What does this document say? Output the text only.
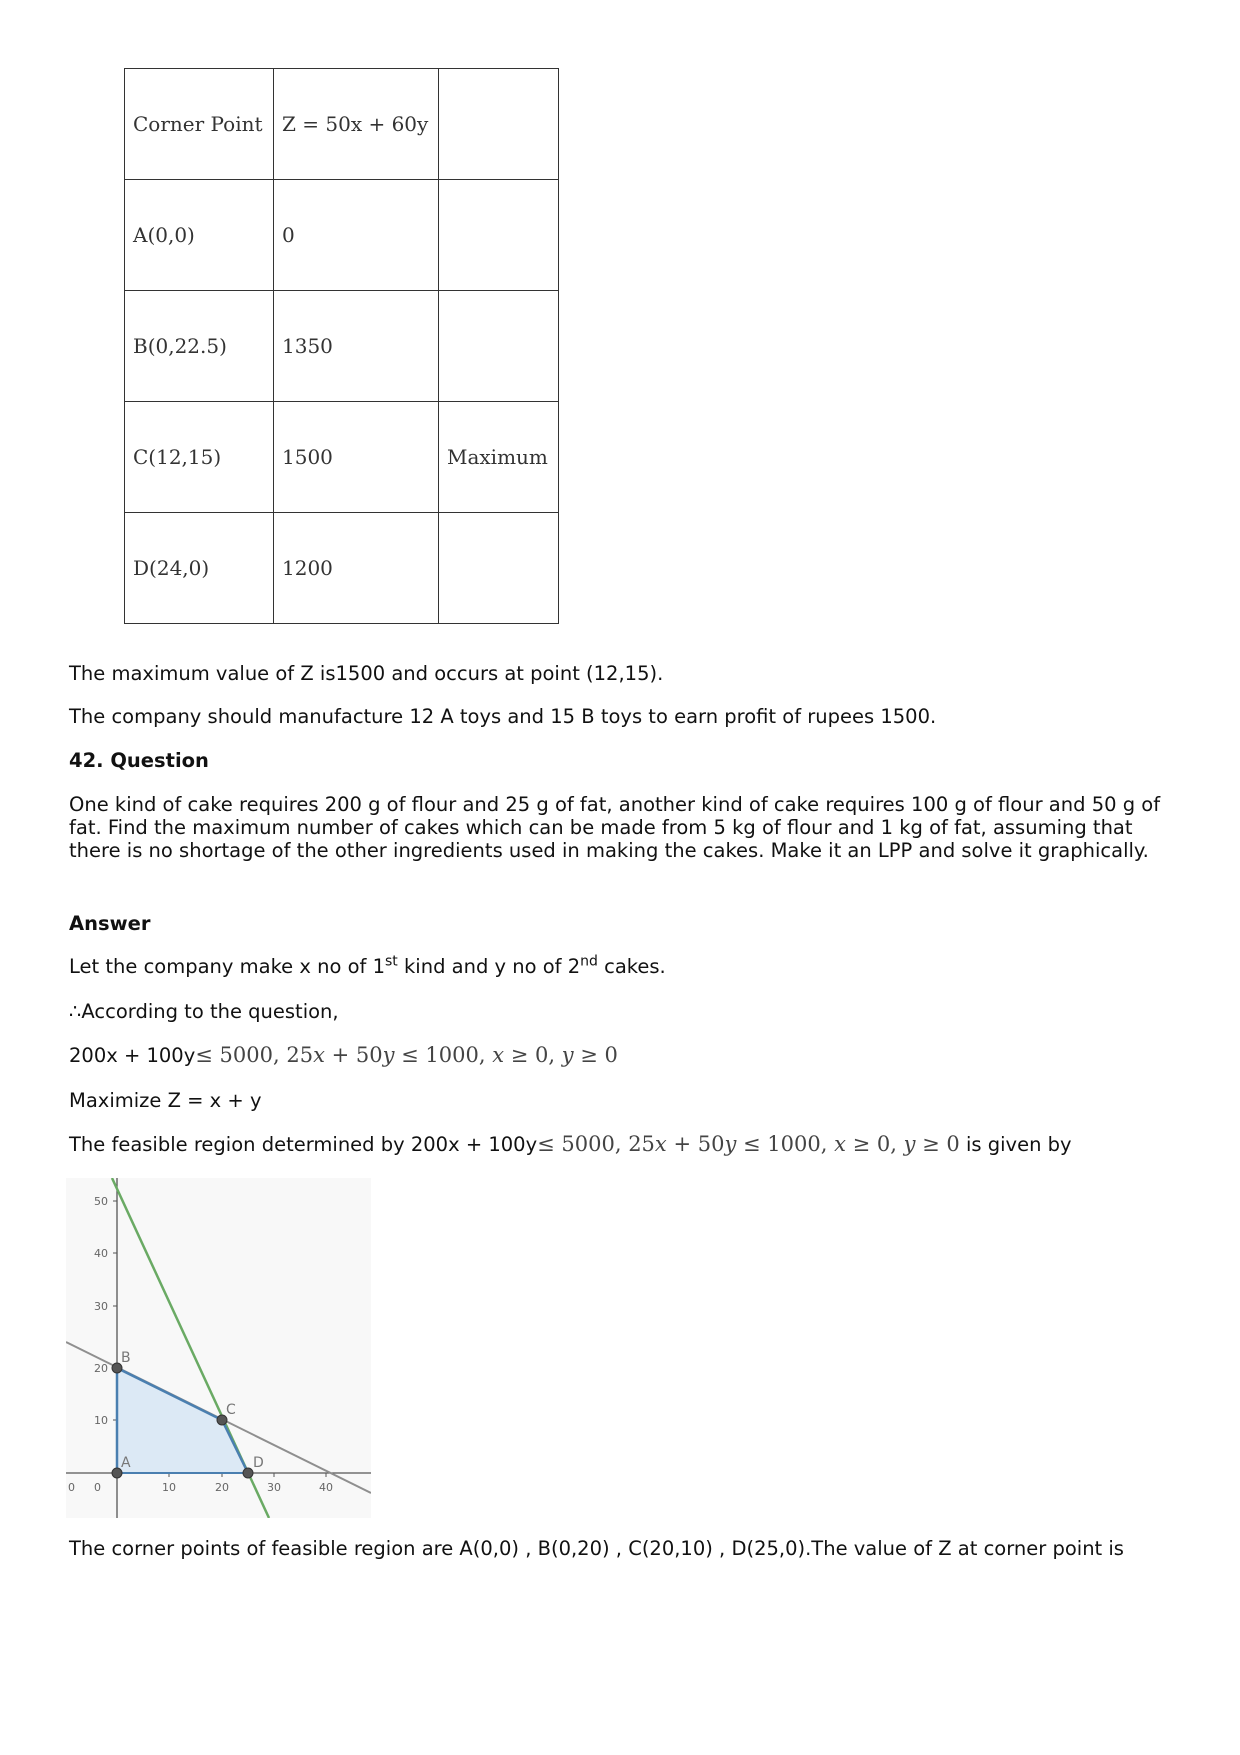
Corner Point	Z = 50x + 60y	
A(0,0)	0	
B(0,22.5)	1350	
C(12,15)	1500	Maximum
D(24,0)	1200	

The maximum value of Z is1500 and occurs at point (12,15).

The company should manufacture 12 A toys and 15 B toys to earn profit of rupees 1500.

42. Question

One kind of cake requires 200 g of flour and 25 g of fat, another kind of cake requires 100 g of flour and 50 g of fat. Find the maximum number of cakes which can be made from 5 kg of flour and 1 kg of fat, assuming that there is no shortage of the other ingredients used in making the cakes. Make it an LPP and solve it graphically.

Answer

Let the company make x no of 1st kind and y no of 2nd cakes.

∴According to the question,

200x + 100y≤ 5000, 25x + 50y ≤ 1000, x ≥ 0, y ≥ 0

Maximize Z = x + y

The feasible region determined by 200x + 100y≤ 5000, 25x + 50y ≤ 1000, x ≥ 0, y ≥ 0 is given by

50
40
30
20
10
0 0	10	20	30	40
A
B
C
D

The corner points of feasible region are A(0,0) , B(0,20) , C(20,10) , D(25,0).The value of Z at corner point is
